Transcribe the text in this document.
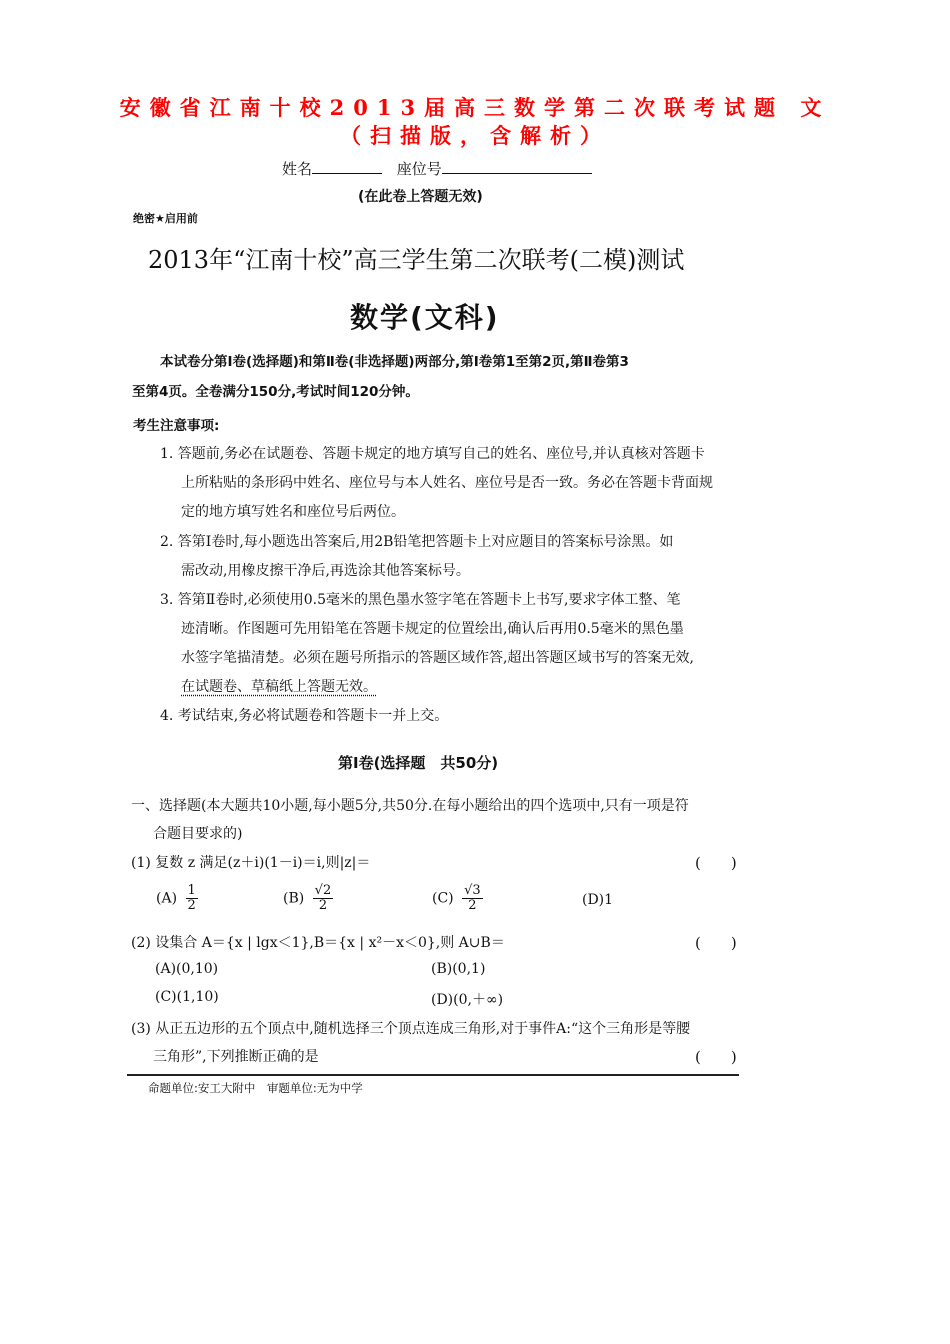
安徽省江南十校2013届高三数学第二次联考试题 文
（扫描版，含解析）
姓名	座位号
(在此卷上答题无效)
绝密★启用前
2013年“江南十校”高三学生第二次联考(二模)测试
数学(文科)
本试卷分第Ⅰ卷(选择题)和第Ⅱ卷(非选择题)两部分,第Ⅰ卷第1至第2页,第Ⅱ卷第3
至第4页。全卷满分150分,考试时间120分钟。
考生注意事项:
1. 答题前,务必在试题卷、答题卡规定的地方填写自己的姓名、座位号,并认真核对答题卡
上所粘贴的条形码中姓名、座位号与本人姓名、座位号是否一致。务必在答题卡背面规
定的地方填写姓名和座位号后两位。
2. 答第Ⅰ卷时,每小题选出答案后,用2B铅笔把答题卡上对应题目的答案标号涂黑。如
需改动,用橡皮擦干净后,再选涂其他答案标号。
3. 答第Ⅱ卷时,必须使用0.5毫米的黑色墨水签字笔在答题卡上书写,要求字体工整、笔
迹清晰。作图题可先用铅笔在答题卡规定的位置绘出,确认后再用0.5毫米的黑色墨
水签字笔描清楚。必须在题号所指示的答题区域作答,超出答题区域书写的答案无效,
在试题卷、草稿纸上答题无效。
4. 考试结束,务必将试题卷和答题卡一并上交。
第Ⅰ卷(选择题　共50分)
一、选择题(本大题共10小题,每小题5分,共50分.在每小题给出的四个选项中,只有一项是符
合题目要求的)
(1) 复数 z 满足(z＋i)(1－i)＝i,则|z|＝	(　　)
$(A) \frac{1}{2}$	$(B) \frac{√2}{2}$	$(C) \frac{√3}{2}$	(D)1
(2) 设集合 A＝{x | lgx＜1},B＝{x | x²－x＜0},则 A∪B＝	(　　)
(A)(0,10)	(B)(0,1)
(C)(1,10)	(D)(0,＋∞)
(3) 从正五边形的五个顶点中,随机选择三个顶点连成三角形,对于事件A:“这个三角形是等腰
三角形”,下列推断正确的是	(　　)
命题单位:安工大附中　审题单位:无为中学
